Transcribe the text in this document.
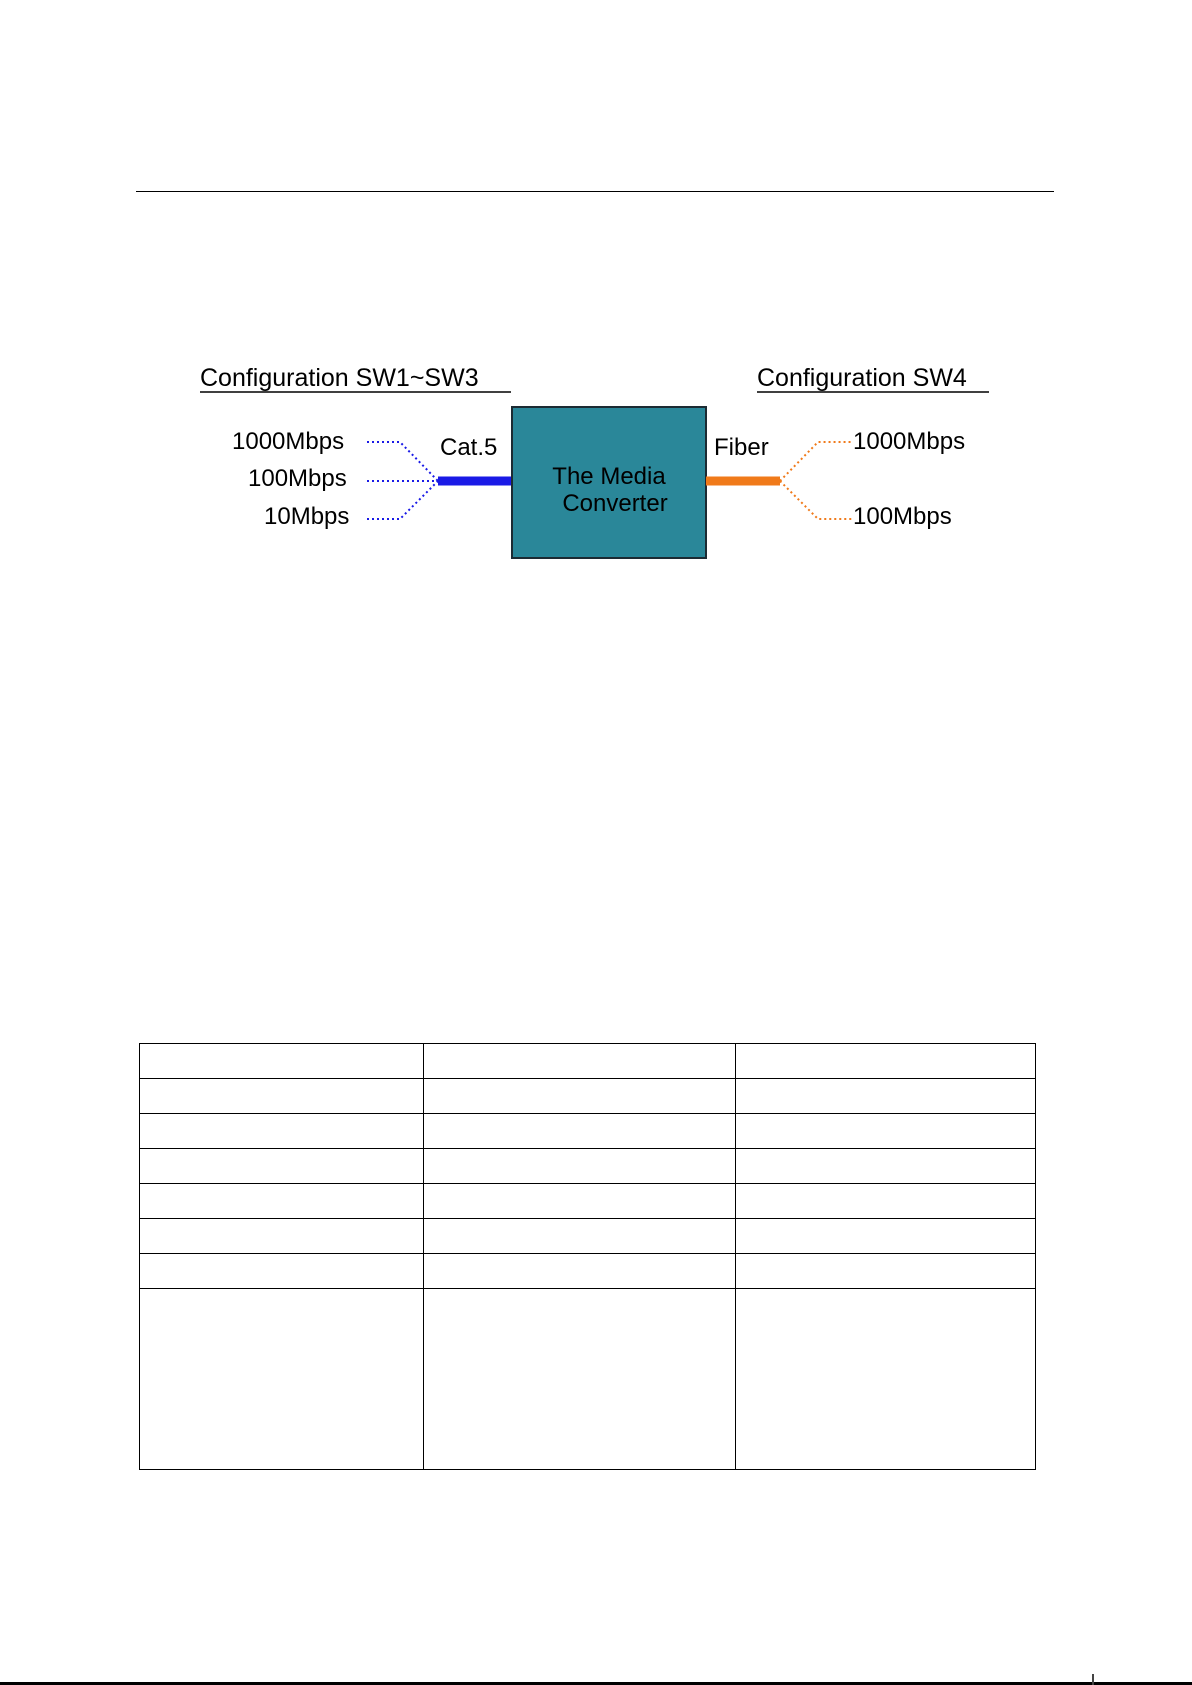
Configuration SW1~SW3	Configuration SW4
1000Mbps
100Mbps
10Mbps
Cat.5
The Media
Converter
Fiber	1000Mbps
100Mbps
